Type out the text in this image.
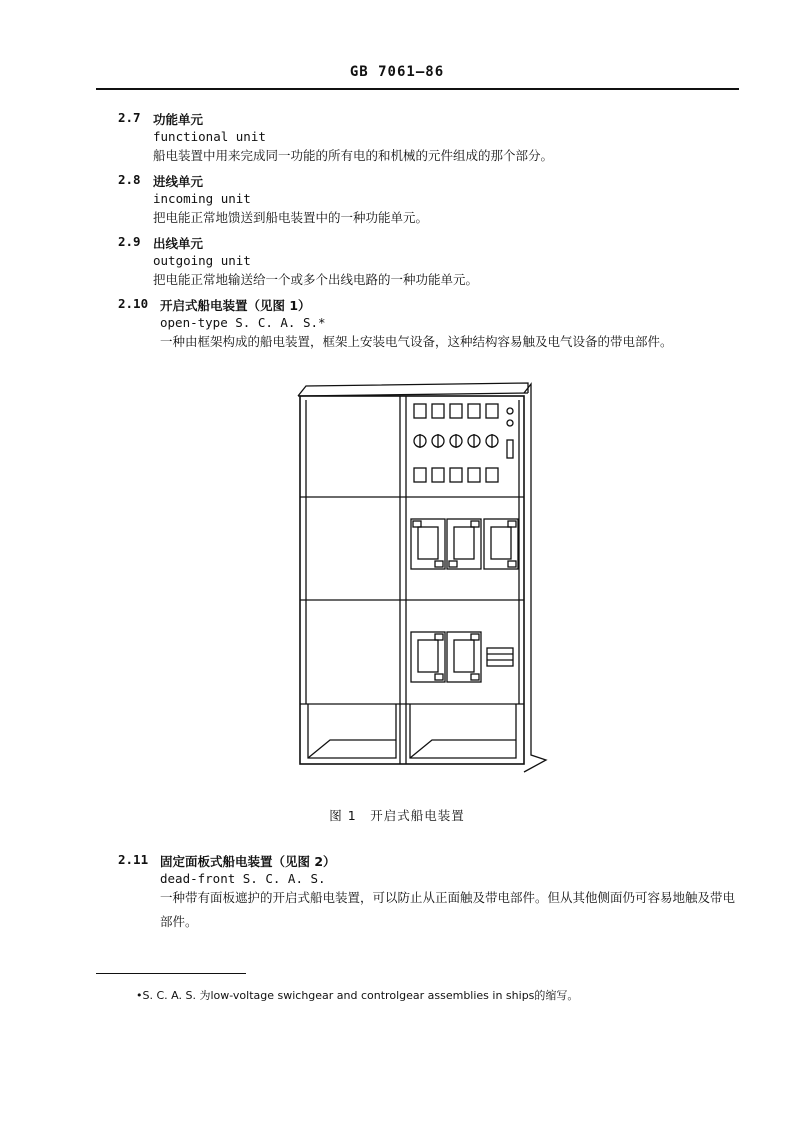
GB 7061—86
2.7 功能单元
functional unit
船电装置中用来完成同一功能的所有电的和机械的元件组成的那个部分。
2.8 进线单元
incoming unit
把电能正常地馈送到船电装置中的一种功能单元。
2.9 出线单元
outgoing unit
把电能正常地输送给一个或多个出线电路的一种功能单元。
2.10 开启式船电装置（见图 1）
open-type S. C. A. S.*
一种由框架构成的船电装置，框架上安装电气设备，这种结构容易触及电气设备的带电部件。
图 1　开启式船电装置
2.11 固定面板式船电装置（见图 2）
dead-front S. C. A. S.
一种带有面板遮护的开启式船电装置，可以防止从正面触及带电部件。但从其他侧面仍可容易地触及带电部件。
•S. C. A. S. 为low-voltage swichgear and controlgear assemblies in ships的缩写。
